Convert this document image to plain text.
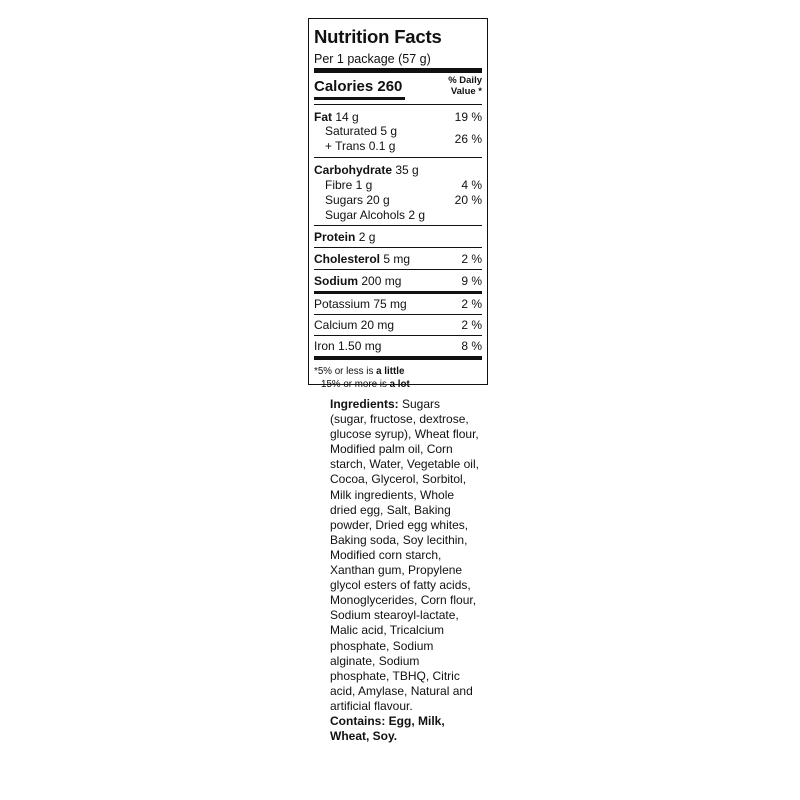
Nutrition Facts
Per 1 package (57 g)
Calories 260	% Daily
Value *
Fat 14 g	19 %
Saturated 5 g
+ Trans 0.1 g	26 %
Carbohydrate 35 g
Fibre 1 g	4 %
Sugars 20 g	20 %
Sugar Alcohols 2 g
Protein 2 g
Cholesterol 5 mg	2 %
Sodium 200 mg	9 %
Potassium 75 mg	2 %
Calcium 20 mg	2 %
Iron 1.50 mg	8 %
*5% or less is a little
15% or more is a lot
Ingredients: Sugars (sugar, fructose, dextrose, glucose syrup), Wheat flour, Modified palm oil, Corn starch, Water, Vegetable oil, Cocoa, Glycerol, Sorbitol, Milk ingredients, Whole dried egg, Salt, Baking powder, Dried egg whites, Baking soda, Soy lecithin, Modified corn starch, Xanthan gum, Propylene glycol esters of fatty acids, Monoglycerides, Corn flour, Sodium stearoyl-lactate, Malic acid, Tricalcium phosphate, Sodium alginate, Sodium phosphate, TBHQ, Citric acid, Amylase, Natural and artificial flavour.
Contains: Egg, Milk, Wheat, Soy.
